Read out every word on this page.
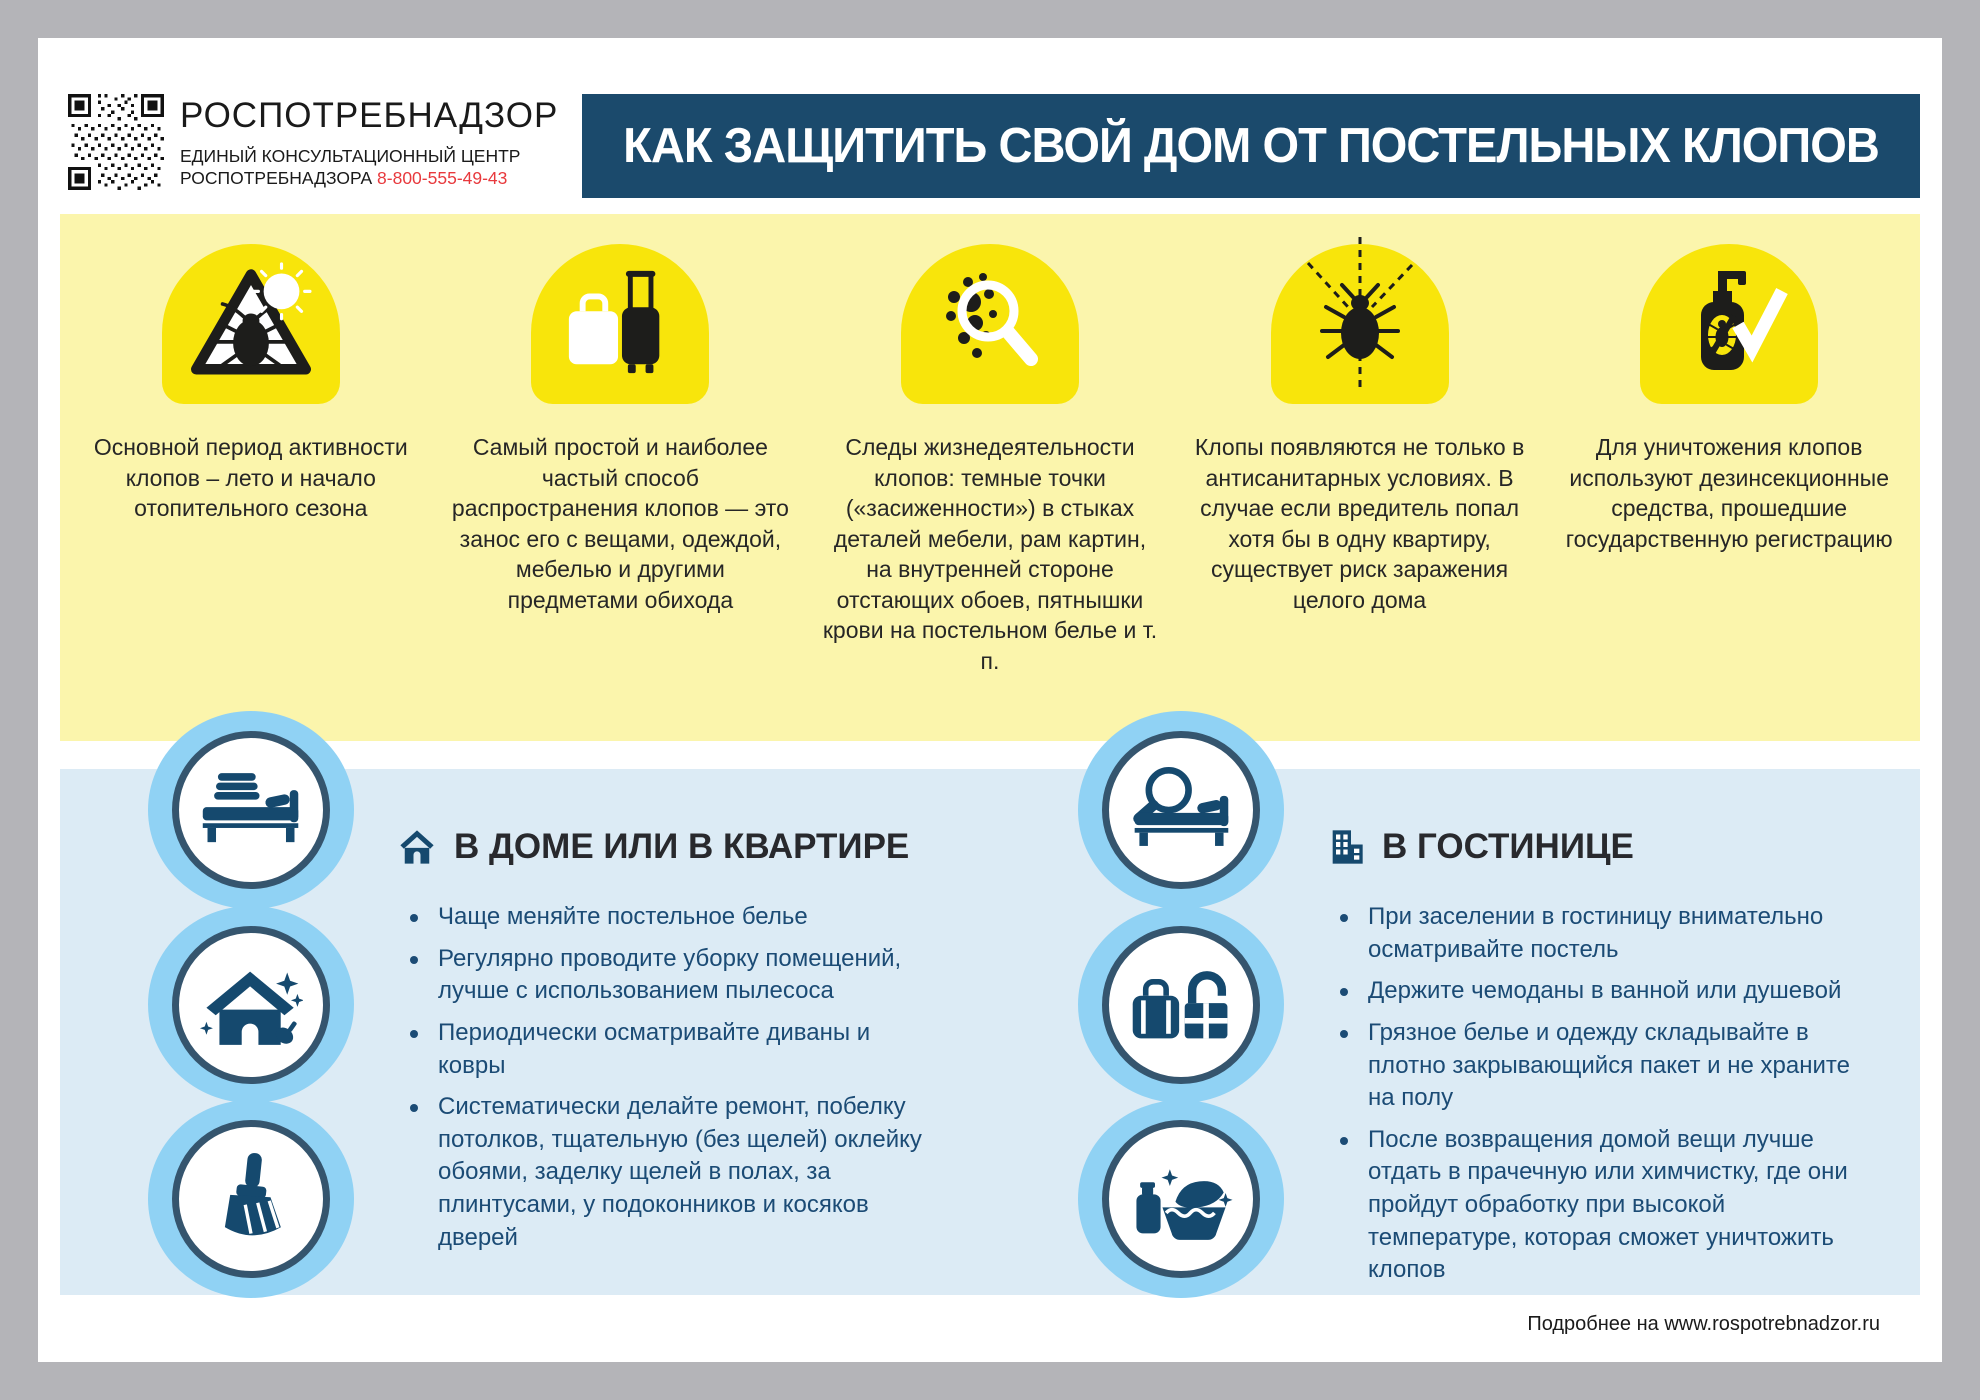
РОСПОТРЕБНАДЗОР
ЕДИНЫЙ КОНСУЛЬТАЦИОННЫЙ ЦЕНТР
РОСПОТРЕБНАДЗОРА 8-800-555-49-43
КАК ЗАЩИТИТЬ СВОЙ ДОМ ОТ ПОСТЕЛЬНЫХ КЛОПОВ
Основной период активности клопов – лето и начало отопительного сезона
Самый простой и наиболее частый способ распространения клопов — это занос его с вещами, одеждой, мебелью и другими предметами обихода
Следы жизнедеятельности клопов: темные точки («засиженности») в стыках деталей мебели, рам картин, на внутренней стороне отстающих обоев, пятнышки крови на постельном белье и т. п.
Клопы появляются не только в антисанитарных условиях. В случае если вредитель попал хотя бы в одну квартиру, существует риск заражения целого дома
Для уничтожения клопов используют дезинсекционные средства, прошедшие государственную регистрацию
В ДОМЕ ИЛИ В КВАРТИРЕ
Чаще меняйте постельное белье
Регулярно проводите уборку помещений, лучше с использованием пылесоса
Периодически осматривайте диваны и ковры
Систематически делайте ремонт, побелку потолков, тщательную (без щелей) оклейку обоями, заделку щелей в полах, за плинтусами, у подоконников и косяков дверей
В ГОСТИНИЦЕ
При заселении в гостиницу внимательно осматривайте постель
Держите чемоданы в ванной или душевой
Грязное белье и одежду складывайте в плотно закрывающийся пакет и не храните на полу
После возвращения домой вещи лучше отдать в прачечную или химчистку, где они пройдут обработку при высокой температуре, которая сможет уничтожить клопов
Подробнее на www.rospotrebnadzor.ru
